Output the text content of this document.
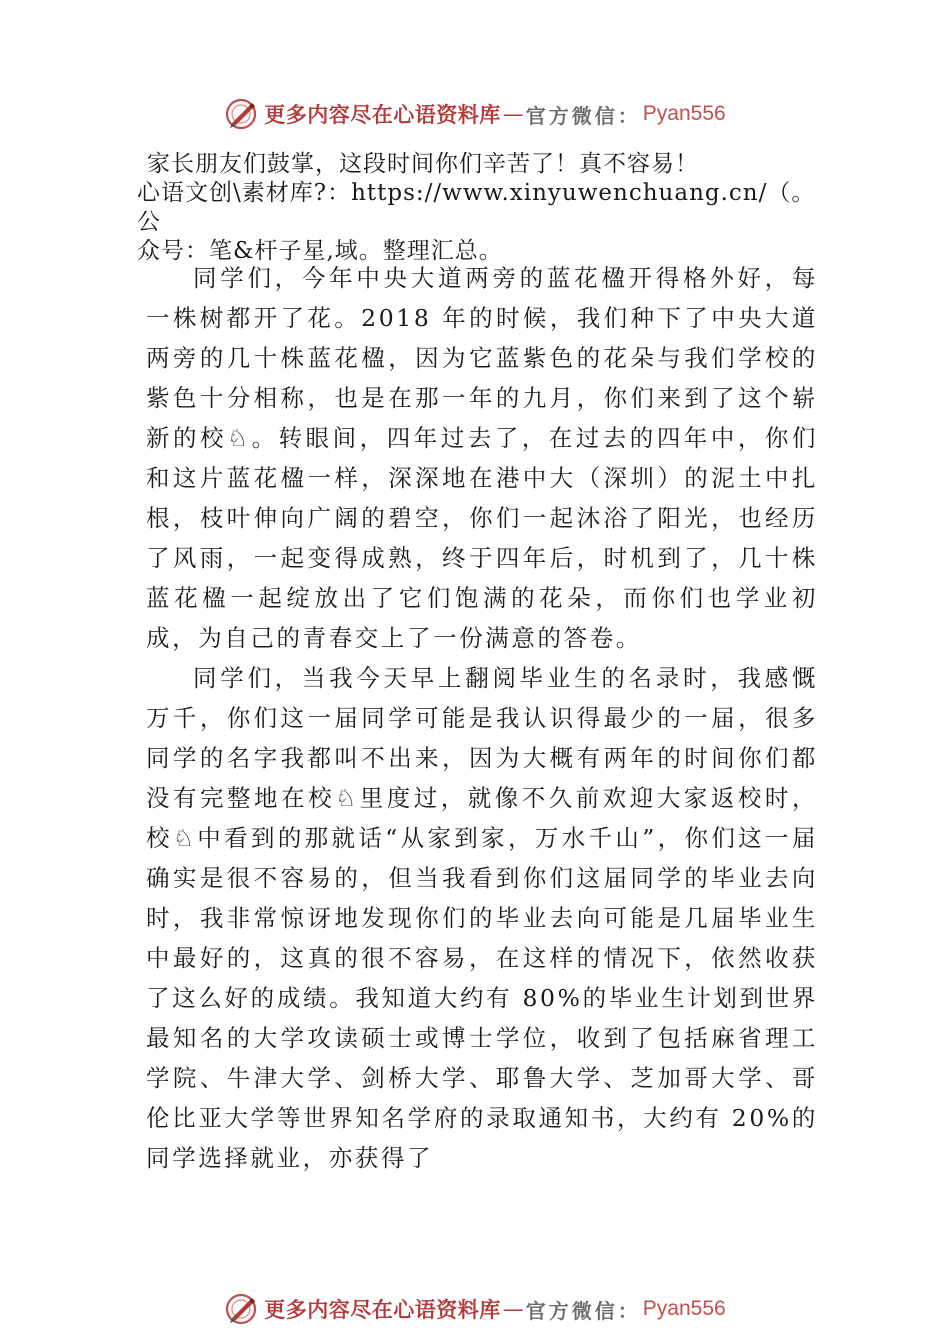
更多内容尽在心语资料库 — 官方微信： Pyan556

家长朋友们鼓掌，这段时间你们辛苦了！真不容易！

心语文创\素材库?：https://www.xinyuwenchuang.cn/（。公

众号：笔&杆子星,域。整理汇总。

同学们，今年中央大道两旁的蓝花楹开得格外好，每一株树都开了花。2018 年的时候，我们种下了中央大道两旁的几十株蓝花楹，因为它蓝紫色的花朵与我们学校的紫色十分相称，也是在那一年的九月，你们来到了这个崭新的校♘。转眼间，四年过去了，在过去的四年中，你们和这片蓝花楹一样，深深地在港中大（深圳）的泥土中扎根，枝叶伸向广阔的碧空，你们一起沐浴了阳光，也经历了风雨，一起变得成熟，终于四年后，时机到了，几十株蓝花楹一起绽放出了它们饱满的花朵，而你们也学业初成，为自己的青春交上了一份满意的答卷。

同学们，当我今天早上翻阅毕业生的名录时，我感慨万千，你们这一届同学可能是我认识得最少的一届，很多同学的名字我都叫不出来，因为大概有两年的时间你们都没有完整地在校♘里度过，就像不久前欢迎大家返校时，校♘中看到的那就话“从家到家，万水千山”，你们这一届确实是很不容易的，但当我看到你们这届同学的毕业去向时，我非常惊讶地发现你们的毕业去向可能是几届毕业生中最好的，这真的很不容易，在这样的情况下，依然收获了这么好的成绩。我知道大约有 80%的毕业生计划到世界最知名的大学攻读硕士或博士学位，收到了包括麻省理工学院、牛津大学、剑桥大学、耶鲁大学、芝加哥大学、哥伦比亚大学等世界知名学府的录取通知书，大约有 20%的同学选择就业，亦获得了

更多内容尽在心语资料库 — 官方微信： Pyan556
